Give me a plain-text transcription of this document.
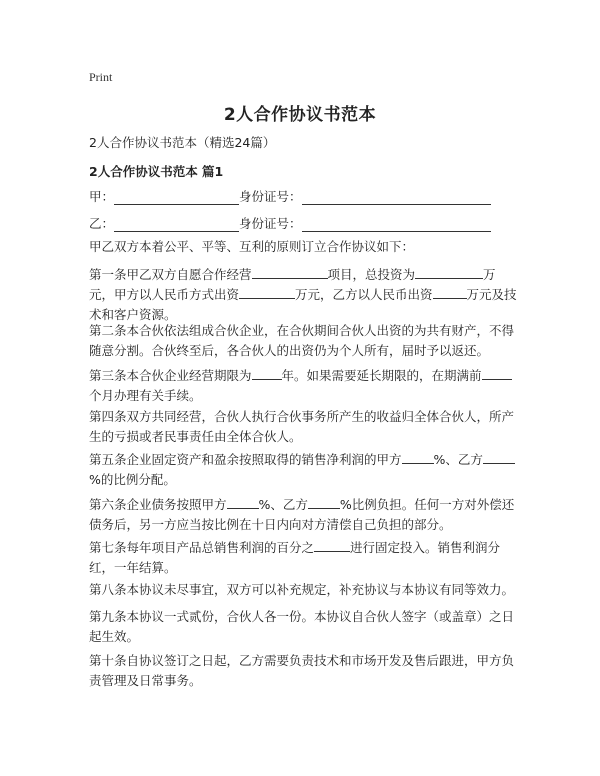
Print
2人合作协议书范本
2人合作协议书范本（精选24篇）
2人合作协议书范本 篇1
甲：	身份证号：
乙：	身份证号：
甲乙双方本着公平、平等、互利的原则订立合作协议如下：
第一条甲乙双方自愿合作经营	项目，总投资为	万元，甲方以人民币方式出资	万元，乙方以人民币出资	万元及技术和客户资源。
第二条本合伙依法组成合伙企业，在合伙期间合伙人出资的为共有财产，不得随意分割。合伙终至后，各合伙人的出资仍为个人所有，届时予以返还。
第三条本合伙企业经营期限为 年。如果需要延长期限的，在期满前个月办理有关手续。
第四条双方共同经营，合伙人执行合伙事务所产生的收益归全体合伙人，所产生的亏损或者民事责任由全体合伙人。
第五条企业固定资产和盈余按照取得的销售净利润的甲方	%、乙方%的比例分配。
第六条企业债务按照甲方	%、乙方	%比例负担。任何一方对外偿还债务后，另一方应当按比例在十日内向对方清偿自己负担的部分。
第七条每年项目产品总销售利润的百分之	进行固定投入。销售利润分红，一年结算。
第八条本协议未尽事宜，双方可以补充规定，补充协议与本协议有同等效力。
第九条本协议一式贰份，合伙人各一份。本协议自合伙人签字（或盖章）之日起生效。
第十条自协议签订之日起，乙方需要负责技术和市场开发及售后跟进，甲方负责管理及日常事务。
